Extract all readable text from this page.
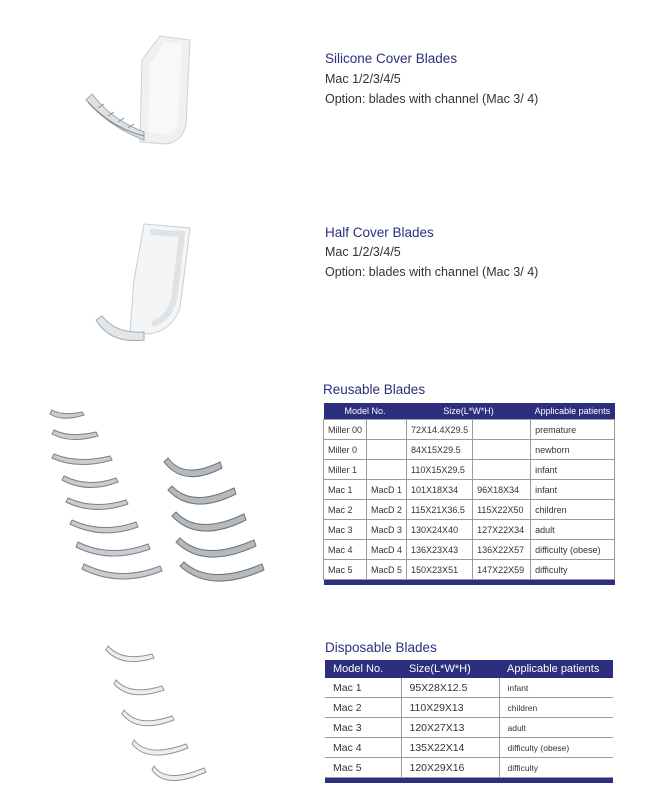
Silicone Cover Blades
Mac 1/2/3/4/5
Option: blades with channel (Mac 3/ 4)
Half Cover Blades
Mac 1/2/3/4/5
Option: blades with channel (Mac 3/ 4)
Reusable Blades
Model No.		Size(L*W*H)		Applicable patients
Miller 00		72X14.4X29.5		premature
Miller 0		84X15X29.5		newborn
Miller 1		110X15X29.5		infant
Mac 1	MacD 1	101X18X34	96X18X34	infant
Mac 2	MacD 2	115X21X36.5	115X22X50	children
Mac 3	MacD 3	130X24X40	127X22X34	adult
Mac 4	MacD 4	136X23X43	136X22X57	difficulty (obese)
Mac 5	MacD 5	150X23X51	147X22X59	difficulty

Disposable Blades
Model No.	Size(L*W*H)	Applicable patients
Mac 1	95X28X12.5	infant
Mac 2	110X29X13	children
Mac 3	120X27X13	adult
Mac 4	135X22X14	difficulty (obese)
Mac 5	120X29X16	difficulty
